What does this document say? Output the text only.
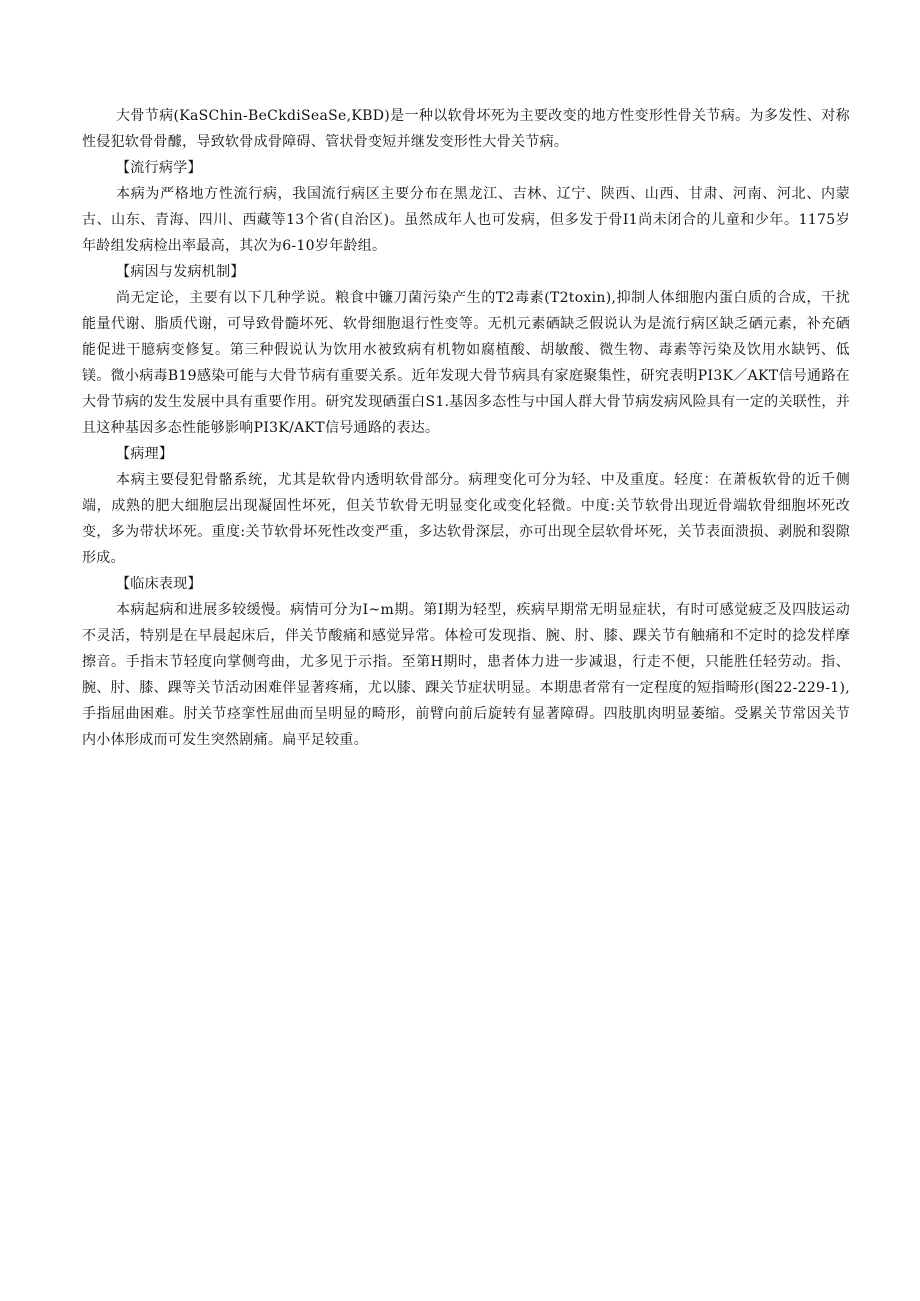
大骨节病(KaSChin-BeCkdiSeaSe,KBD)是一种以软骨坏死为主要改变的地方性变形性骨关节病。为多发性、对称性侵犯软骨骨醵，导致软骨成骨障碍、管状骨变短并继发变形性大骨关节病。

【流行病学】

本病为严格地方性流行病，我国流行病区主要分布在黑龙江、吉林、辽宁、陕西、山西、甘肃、河南、河北、内蒙古、山东、青海、四川、西藏等13个省(自治区)。虽然成年人也可发病，但多发于骨I1尚未闭合的儿童和少年。1175岁年龄组发病检出率最高，其次为6-10岁年龄组。

【病因与发病机制】

尚无定论，主要有以下几种学说。粮食中镰刀菌污染产生的T2毒素(T2toxin),抑制人体细胞内蛋白质的合成，干扰能量代谢、脂质代谢，可导致骨髓坏死、软骨细胞退行性变等。无机元素硒缺乏假说认为是流行病区缺乏硒元素，补充硒能促进干臆病变修复。第三种假说认为饮用水被致病有机物如腐植酸、胡敏酸、微生物、毒素等污染及饮用水缺钙、低镁。微小病毒B19感染可能与大骨节病有重要关系。近年发现大骨节病具有家庭聚集性，研究表明PI3K／AKT信号通路在大骨节病的发生发展中具有重要作用。研究发现硒蛋白S1.基因多态性与中国人群大骨节病发病风险具有一定的关联性，并且这种基因多态性能够影响PI3K/AKT信号通路的表达。

【病理】

本病主要侵犯骨骼系统，尤其是软骨内透明软骨部分。病理变化可分为轻、中及重度。轻度：在萧板软骨的近千侧端，成熟的肥大细胞层出现凝固性坏死，但关节软骨无明显变化或变化轻微。中度:关节软骨出现近骨端软骨细胞坏死改变，多为带状坏死。重度:关节软骨坏死性改变严重，多达软骨深层，亦可出现全层软骨坏死，关节表面溃损、剥脱和裂隙形成。

【临床表现】

本病起病和进展多较缓慢。病情可分为I~m期。第I期为轻型，疾病早期常无明显症状，有时可感觉疲乏及四肢运动不灵活，特别是在早晨起床后，伴关节酸痛和感觉异常。体检可发现指、腕、肘、膝、踝关节有触痛和不定时的捻发样摩擦音。手指末节轻度向掌侧弯曲，尤多见于示指。至第H期时，患者体力进一步减退，行走不便，只能胜任轻劳动。指、腕、肘、膝、踝等关节活动困难伴显著疼痛，尤以膝、踝关节症状明显。本期患者常有一定程度的短指畸形(图22-229-1),手指屈曲困难。肘关节痉挛性屈曲而呈明显的畸形，前臂向前后旋转有显著障碍。四肢肌肉明显萎缩。受累关节常因关节内小体形成而可发生突然剧痛。扁平足较重。
